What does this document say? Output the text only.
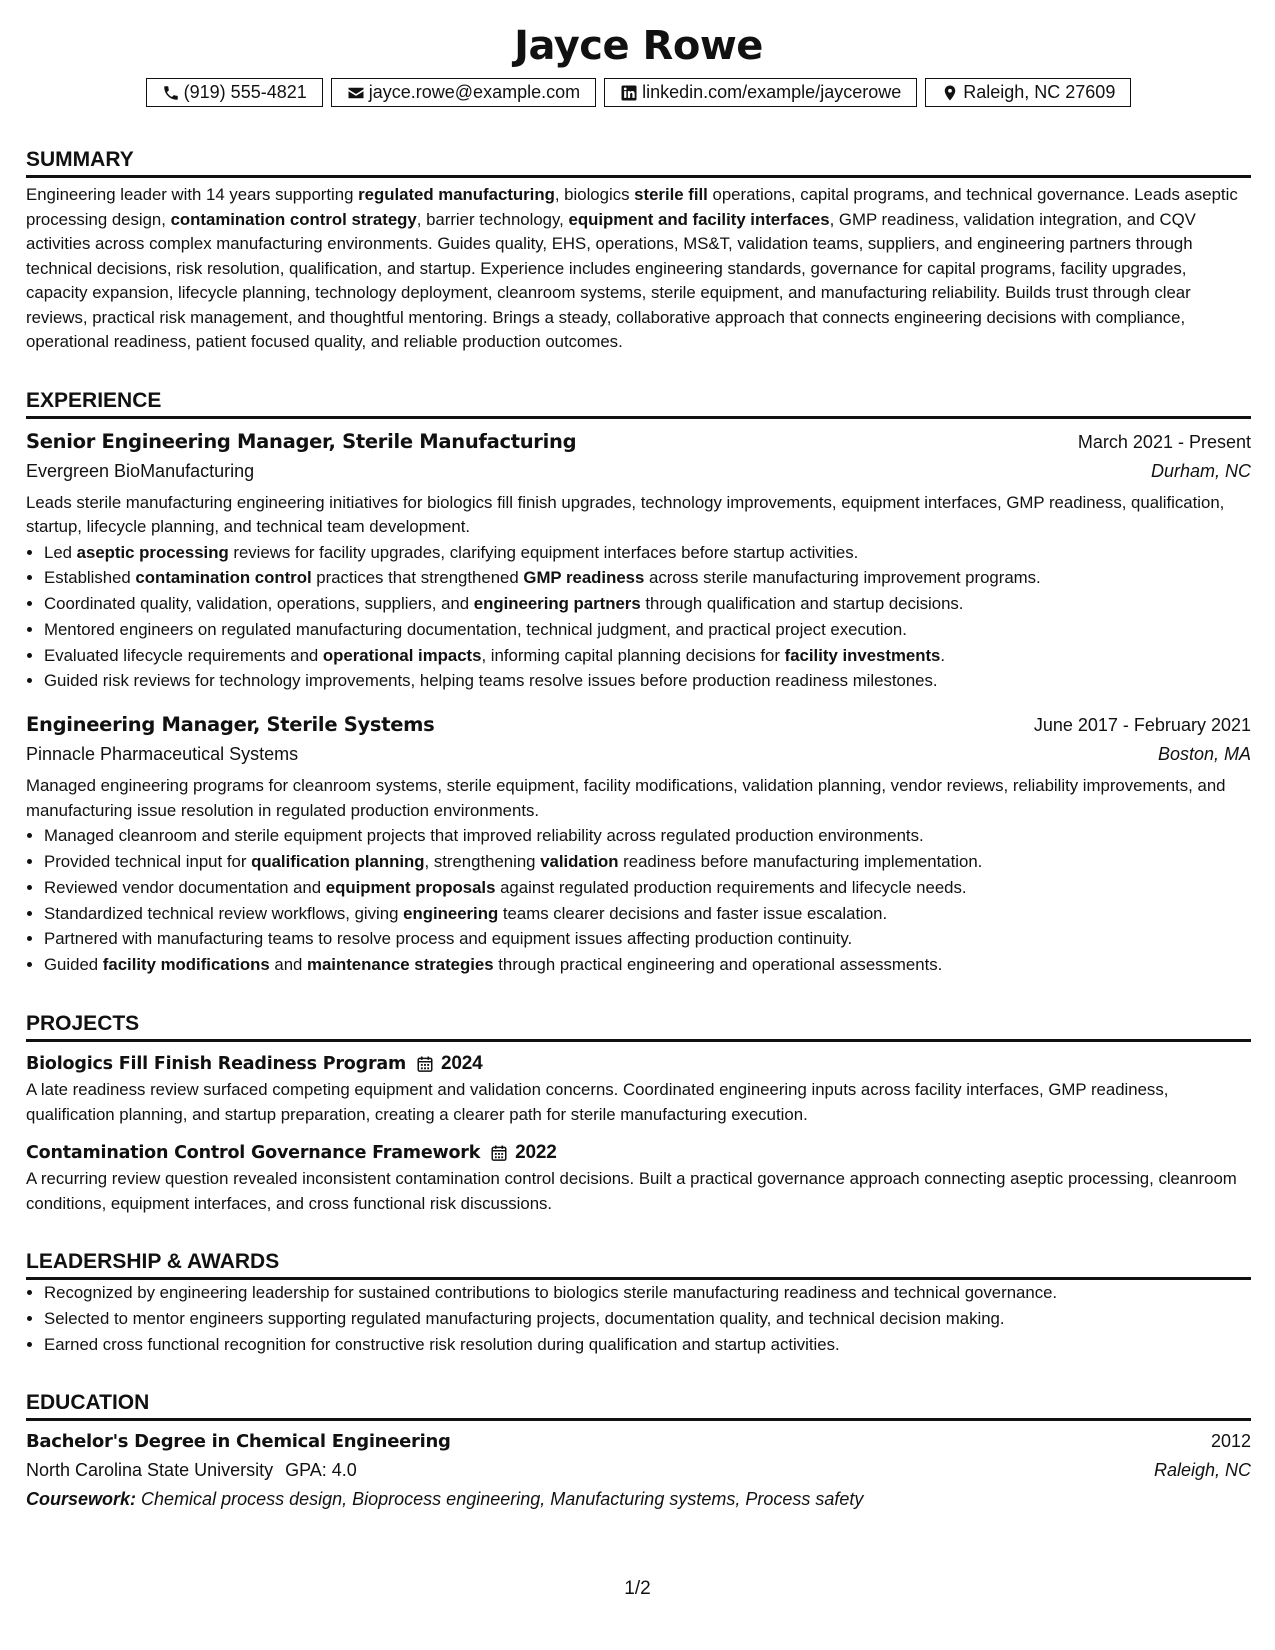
Jayce Rowe
(919) 555-4821	jayce.rowe@example.com	linkedin.com/example/jaycerowe	Raleigh, NC 27609
SUMMARY
Engineering leader with 14 years supporting regulated manufacturing, biologics sterile fill operations, capital programs, and technical governance. Leads aseptic processing design, contamination control strategy, barrier technology, equipment and facility interfaces, GMP readiness, validation integration, and CQV activities across complex manufacturing environments. Guides quality, EHS, operations, MS&T, validation teams, suppliers, and engineering partners through technical decisions, risk resolution, qualification, and startup. Experience includes engineering standards, governance for capital programs, facility upgrades, capacity expansion, lifecycle planning, technology deployment, cleanroom systems, sterile equipment, and manufacturing reliability. Builds trust through clear reviews, practical risk management, and thoughtful mentoring. Brings a steady, collaborative approach that connects engineering decisions with compliance, operational readiness, patient focused quality, and reliable production outcomes.
EXPERIENCE
Senior Engineering Manager, Sterile Manufacturing	March 2021 - Present
Evergreen BioManufacturing	Durham, NC
Leads sterile manufacturing engineering initiatives for biologics fill finish upgrades, technology improvements, equipment interfaces, GMP readiness, qualification, startup, lifecycle planning, and technical team development.
• Led aseptic processing reviews for facility upgrades, clarifying equipment interfaces before startup activities.
• Established contamination control practices that strengthened GMP readiness across sterile manufacturing improvement programs.
• Coordinated quality, validation, operations, suppliers, and engineering partners through qualification and startup decisions.
• Mentored engineers on regulated manufacturing documentation, technical judgment, and practical project execution.
• Evaluated lifecycle requirements and operational impacts, informing capital planning decisions for facility investments.
• Guided risk reviews for technology improvements, helping teams resolve issues before production readiness milestones.
Engineering Manager, Sterile Systems	June 2017 - February 2021
Pinnacle Pharmaceutical Systems	Boston, MA
Managed engineering programs for cleanroom systems, sterile equipment, facility modifications, validation planning, vendor reviews, reliability improvements, and manufacturing issue resolution in regulated production environments.
• Managed cleanroom and sterile equipment projects that improved reliability across regulated production environments.
• Provided technical input for qualification planning, strengthening validation readiness before manufacturing implementation.
• Reviewed vendor documentation and equipment proposals against regulated production requirements and lifecycle needs.
• Standardized technical review workflows, giving engineering teams clearer decisions and faster issue escalation.
• Partnered with manufacturing teams to resolve process and equipment issues affecting production continuity.
• Guided facility modifications and maintenance strategies through practical engineering and operational assessments.
PROJECTS
Biologics Fill Finish Readiness Program 2024
A late readiness review surfaced competing equipment and validation concerns. Coordinated engineering inputs across facility interfaces, GMP readiness, qualification planning, and startup preparation, creating a clearer path for sterile manufacturing execution.
Contamination Control Governance Framework 2022
A recurring review question revealed inconsistent contamination control decisions. Built a practical governance approach connecting aseptic processing, cleanroom conditions, equipment interfaces, and cross functional risk discussions.
LEADERSHIP & AWARDS
• Recognized by engineering leadership for sustained contributions to biologics sterile manufacturing readiness and technical governance.
• Selected to mentor engineers supporting regulated manufacturing projects, documentation quality, and technical decision making.
• Earned cross functional recognition for constructive risk resolution during qualification and startup activities.
EDUCATION
Bachelor's Degree in Chemical Engineering	2012
North Carolina State University GPA: 4.0	Raleigh, NC
Coursework: Chemical process design, Bioprocess engineering, Manufacturing systems, Process safety
1/2
